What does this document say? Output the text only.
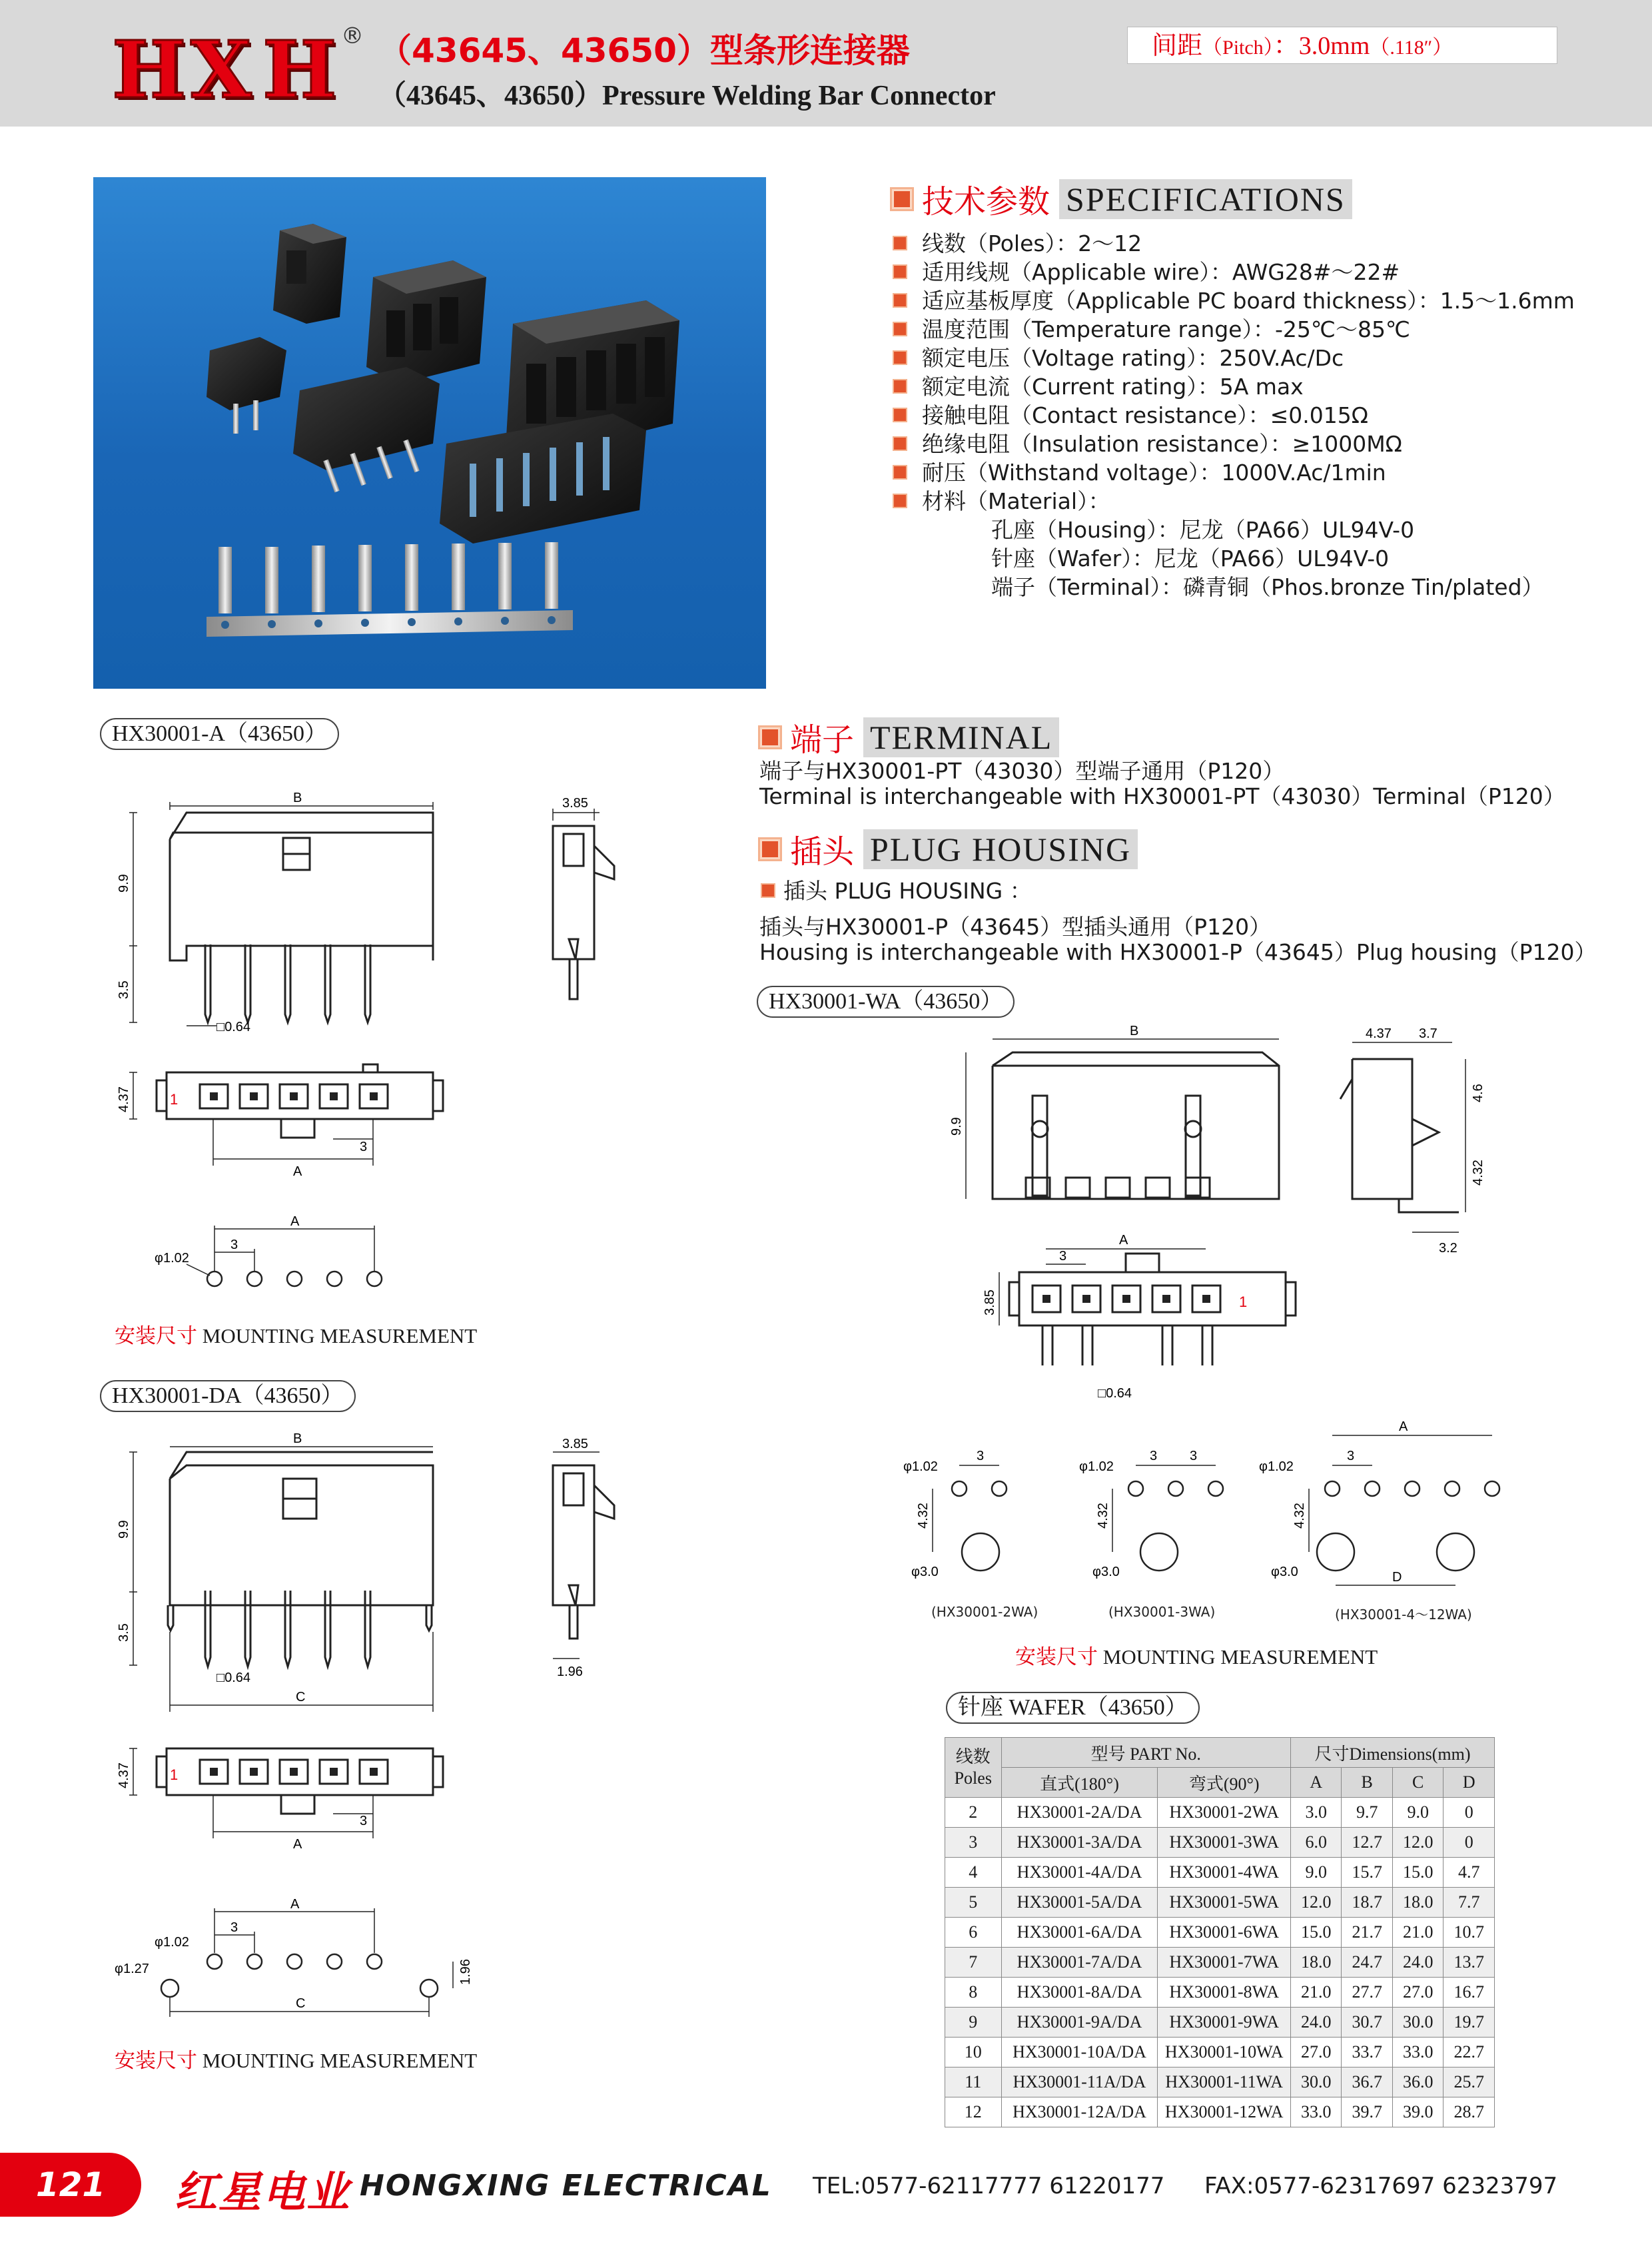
H X H ® （43645、43650）型条形连接器
（43645、43650）Pressure Welding Bar Connector
间距（Pitch）：3.0mm（.118″）
技术参数 SPECIFICATIONS
线数（Poles）：2～12
适用线规（Applicable wire）：AWG28#～22#
适应基板厚度（Applicable PC board thickness）：1.5～1.6mm
温度范围（Temperature range）：-25℃～85℃
额定电压（Voltage rating）：250V.Ac/Dc
额定电流（Current rating）：5A max
接触电阻（Contact resistance）：≤0.015Ω
绝缘电阻（Insulation resistance）：≥1000MΩ
耐压（Withstand voltage）：1000V.Ac/1min
材料（Material）：
孔座（Housing）：尼龙（PA66）UL94V-0
针座（Wafer）：尼龙（PA66）UL94V-0
端子（Terminal）：磷青铜（Phos.bronze Tin/plated）
端子 TERMINAL
端子与HX30001-PT（43030）型端子通用（P120）
Terminal is interchangeable with HX30001-PT（43030）Terminal（P120）
插头 PLUG HOUSING
插头 PLUG HOUSING ：
插头与HX30001-P（43645）型插头通用（P120）
Housing is interchangeable with HX30001-P（43645）Plug housing（P120）
HX30001-A（43650）
HX30001-DA（43650）
HX30001-WA（43650）
B
9.9
3.5
□0.64
4.37	1
3
A
A
3
φ1.02
3.85
安装尺寸 MOUNTING MEASUREMENT
B
9.9
3.5
□0.64
C
4.37	1
3
A
A
3
φ1.02
φ1.27
C
1.96
3.85
1.96
安装尺寸 MOUNTING MEASUREMENT
B
9.9
4.37 3.7
4.6
4.32
3.2
A
3
3.85	1
□0.64
3
φ1.02
4.32
φ3.0
3 3
φ1.02
4.32
φ3.0
A
3
φ1.02
4.32
φ3.0	D
(HX30001-2WA)	(HX30001-3WA)	(HX30001-4～12WA)
安装尺寸 MOUNTING MEASUREMENT
针座 WAFER（43650）
线数
Poles	型号 PART No.		尺寸Dimensions(mm)			
	直式(180°)	弯式(90°)	A	B	C	D
2	HX30001-2A/DA	HX30001-2WA	3.0	9.7	9.0	0
3	HX30001-3A/DA	HX30001-3WA	6.0	12.7	12.0	0
4	HX30001-4A/DA	HX30001-4WA	9.0	15.7	15.0	4.7
5	HX30001-5A/DA	HX30001-5WA	12.0	18.7	18.0	7.7
6	HX30001-6A/DA	HX30001-6WA	15.0	21.7	21.0	10.7
7	HX30001-7A/DA	HX30001-7WA	18.0	24.7	24.0	13.7
8	HX30001-8A/DA	HX30001-8WA	21.0	27.7	27.0	16.7
9	HX30001-9A/DA	HX30001-9WA	24.0	30.7	30.0	19.7
10	HX30001-10A/DA	HX30001-10WA	27.0	33.7	33.0	22.7
11	HX30001-11A/DA	HX30001-11WA	30.0	36.7	36.0	25.7
12	HX30001-12A/DA	HX30001-12WA	33.0	39.7	39.0	28.7
121	红星电业 HONGXING ELECTRICAL TEL:0577-62117777 61220177 FAX:0577-62317697 62323797
